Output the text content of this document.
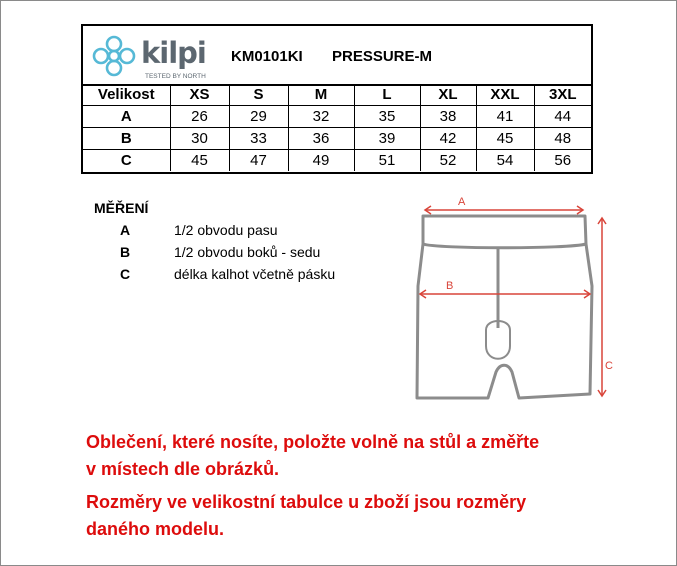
kilpi
TESTED BY NORTH
KM0101KI PRESSURE-M
Velikost	XS	S	M	L	XL	XXL	3XL
A	26	29	32	35	38	41	44
B	30	33	36	39	42	45	48
C	45	47	49	51	52	54	56
MĚŘENÍ
A	1/2 obvodu pasu
B	1/2 obvodu boků - sedu
C	délka kalhot včetně pásku
A
B
C

Oblečení, které nosíte, položte volně na stůl a změřte

v místech dle obrázků.

Rozměry ve velikostní tabulce u zboží jsou rozměry

daného modelu.
